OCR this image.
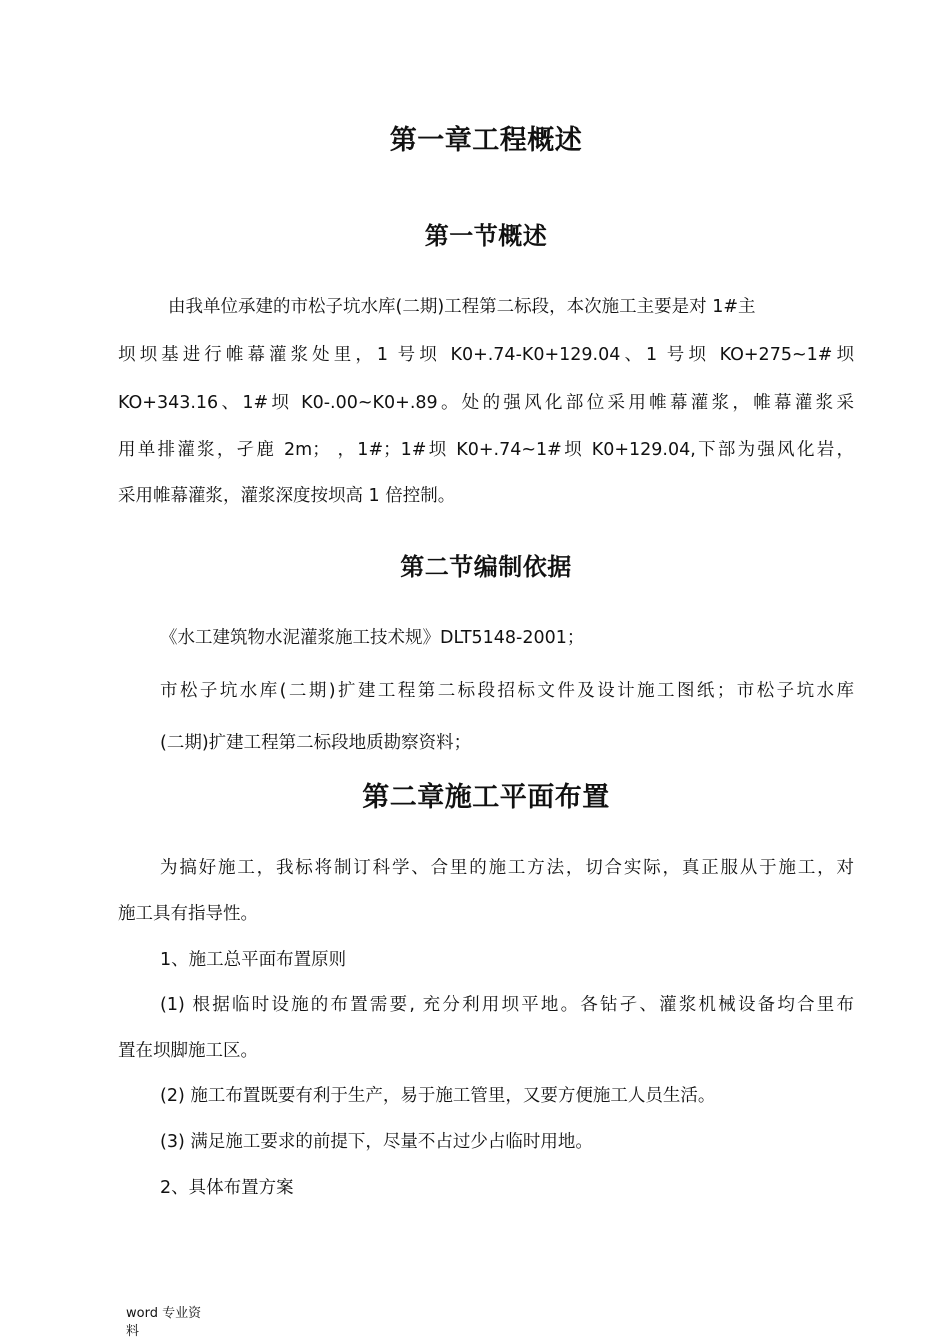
第一章工程概述
第一节概述
由我单位承建的市松子坑水库(二期)工程第二标段，本次施工主要是对 1#主
坝坝基进行帷幕灌浆处里，1 号坝 K0+.74-K0+129.04、1 号坝 KO+275~1#坝
KO+343.16、1#坝 K0-.00~K0+.89。处的强风化部位采用帷幕灌浆，帷幕灌浆采
用单排灌浆，孑鹿 2m； ，1#；1#坝 K0+.74~1#坝 K0+129.04,下部为强风化岩，
采用帷幕灌浆，灌浆深度按坝高 1 倍控制。
第二节编制依据
《水工建筑物水泥灌浆施工技术规》DLT5148-2001；
市松子坑水库(二期)扩建工程第二标段招标文件及设计施工图纸；市松子坑水库
(二期)扩建工程第二标段地质勘察资料；
第二章施工平面布置
为搞好施工，我标将制订科学、合里的施工方法，切合实际，真正服从于施工，对
施工具有指导性。
1、施工总平面布置原则
(1) 根据临时设施的布置需要, 充分利用坝平地。各钻孑、灌浆机械设备均合里布
置在坝脚施工区。
(2) 施工布置既要有利于生产，易于施工管里，又要方便施工人员生活。
(3) 满足施工要求的前提下，尽量不占过少占临时用地。
2、具体布置方案
word 专业资
料
